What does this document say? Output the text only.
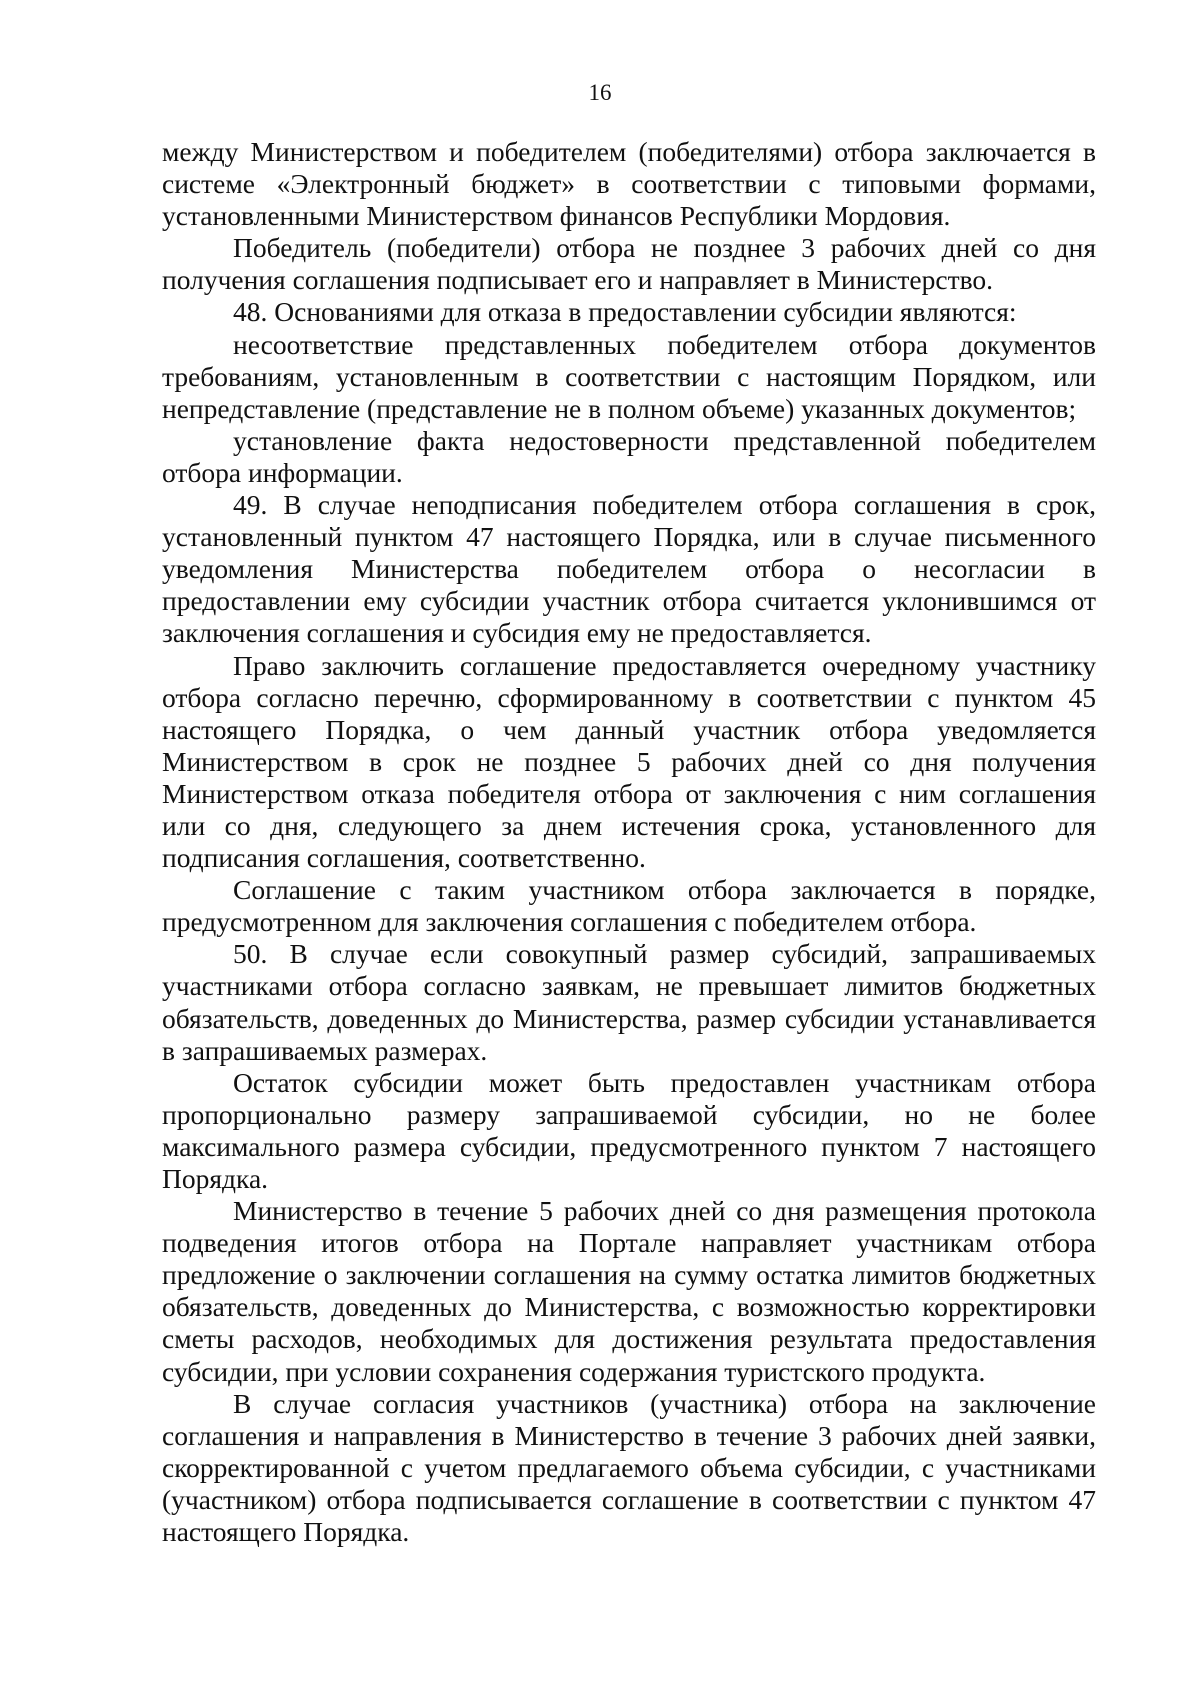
16

между Министерством и победителем (победителями) отбора заключается в системе «Электронный бюджет» в соответствии с типовыми формами, установленными Министерством финансов Республики Мордовия.

Победитель (победители) отбора не позднее 3 рабочих дней со дня получения соглашения подписывает его и направляет в Министерство.

48. Основаниями для отказа в предоставлении субсидии являются:

несоответствие представленных победителем отбора документов требованиям, установленным в соответствии с настоящим Порядком, или непредставление (представление не в полном объеме) указанных документов;

установление факта недостоверности представленной победителем отбора информации.

49. В случае неподписания победителем отбора соглашения в срок, установленный пунктом 47 настоящего Порядка, или в случае письменного уведомления Министерства победителем отбора о несогласии в предоставлении ему субсидии участник отбора считается уклонившимся от заключения соглашения и субсидия ему не предоставляется.

Право заключить соглашение предоставляется очередному участнику отбора согласно перечню, сформированному в соответствии с пунктом 45 настоящего Порядка, о чем данный участник отбора уведомляется Министерством в срок не позднее 5 рабочих дней со дня получения Министерством отказа победителя отбора от заключения с ним соглашения или со дня, следующего за днем истечения срока, установленного для подписания соглашения, соответственно.

Соглашение с таким участником отбора заключается в порядке, предусмотренном для заключения соглашения с победителем отбора.

50. В случае если совокупный размер субсидий, запрашиваемых участниками отбора согласно заявкам, не превышает лимитов бюджетных обязательств, доведенных до Министерства, размер субсидии устанавливается в запрашиваемых размерах.

Остаток субсидии может быть предоставлен участникам отбора пропорционально размеру запрашиваемой субсидии, но не более максимального размера субсидии, предусмотренного пунктом 7 настоящего Порядка.

Министерство в течение 5 рабочих дней со дня размещения протокола подведения итогов отбора на Портале направляет участникам отбора предложение о заключении соглашения на сумму остатка лимитов бюджетных обязательств, доведенных до Министерства, с возможностью корректировки сметы расходов, необходимых для достижения результата предоставления субсидии, при условии сохранения содержания туристского продукта.

В случае согласия участников (участника) отбора на заключение соглашения и направления в Министерство в течение 3 рабочих дней заявки, скорректированной с учетом предлагаемого объема субсидии, с участниками (участником) отбора подписывается соглашение в соответствии с пунктом 47 настоящего Порядка.
